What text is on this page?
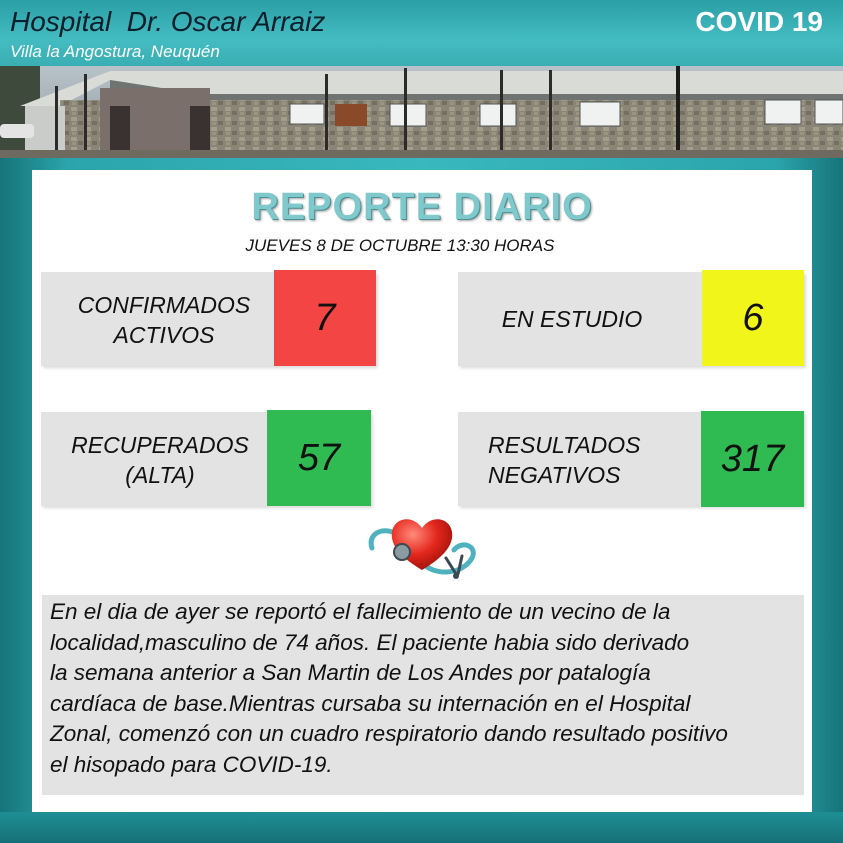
Hospital  Dr. Oscar Arraiz
Villa la Angostura, Neuquén
COVID 19
REPORTE DIARIO
JUEVES 8 DE OCTUBRE 13:30 HORAS
CONFIRMADOS
ACTIVOS	7	EN ESTUDIO	6
RECUPERADOS
(ALTA)	57	RESULTADOS
NEGATIVOS	317
En el dia de ayer se reportó el fallecimiento de un vecino de la
localidad,masculino de 74 años. El paciente habia sido derivado
la semana anterior a San Martin de Los Andes por patalogía
cardíaca de base.Mientras cursaba su internación en el Hospital
Zonal, comenzó con un cuadro respiratorio dando resultado positivo
el hisopado para COVID-19.
